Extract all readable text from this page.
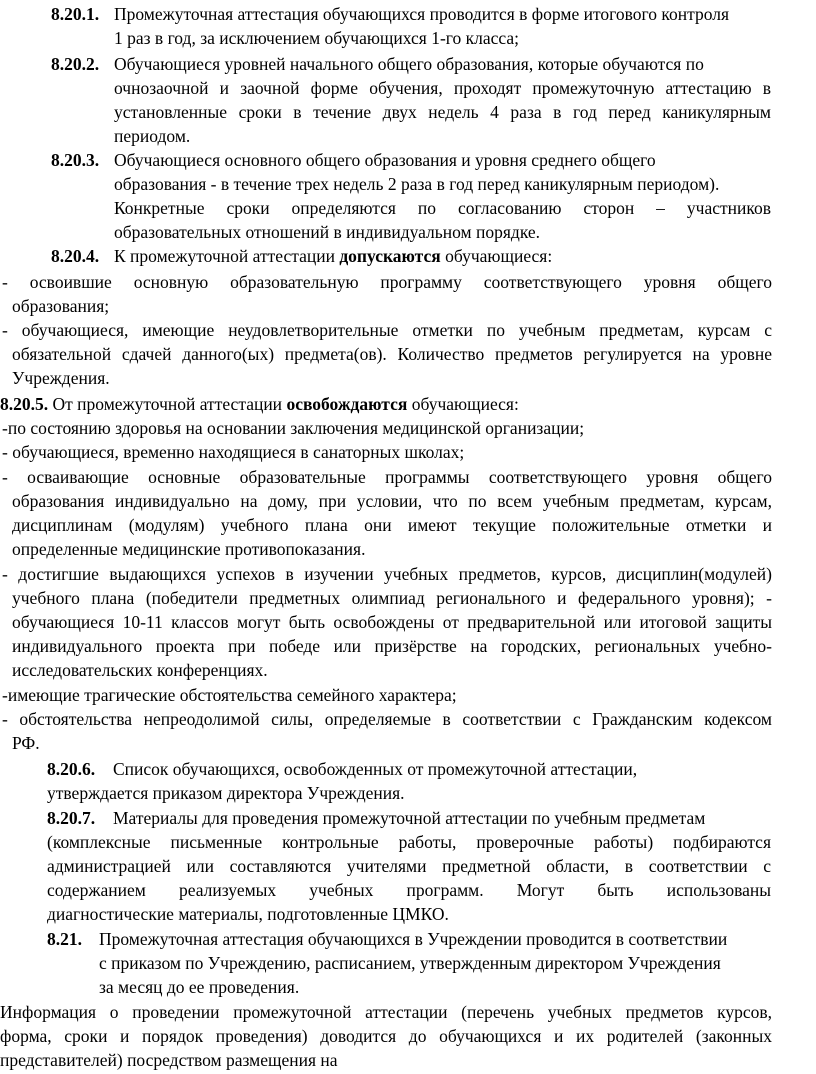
8.20.1. Промежуточная аттестация обучающихся проводится в форме итогового контроля
1 раз в год, за исключением обучающихся 1-го класса;
8.20.2. Обучающиеся уровней начального общего образования, которые обучаются по
очнозаочной и заочной форме обучения, проходят промежуточную аттестацию в
установленные сроки в течение двух недель 4 раза в год перед каникулярным
периодом.
8.20.3. Обучающиеся основного общего образования и уровня среднего общего
образования - в течение трех недель 2 раза в год перед каникулярным периодом).
Конкретные сроки определяются по согласованию сторон – участников
образовательных отношений в индивидуальном порядке.
8.20.4. К промежуточной аттестации допускаются обучающиеся:
- освоившие основную образовательную программу соответствующего уровня общего
образования;
- обучающиеся, имеющие неудовлетворительные отметки по учебным предметам, курсам с
обязательной сдачей данного(ых) предмета(ов). Количество предметов регулируется на уровне
Учреждения.
8.20.5. От промежуточной аттестации освобождаются обучающиеся:
-по состоянию здоровья на основании заключения медицинской организации;
- обучающиеся, временно находящиеся в санаторных школах;
- осваивающие основные образовательные программы соответствующего уровня общего
образования индивидуально на дому, при условии, что по всем учебным предметам, курсам,
дисциплинам (модулям) учебного плана они имеют текущие положительные отметки и
определенные медицинские противопоказания.
- достигшие выдающихся успехов в изучении учебных предметов, курсов, дисциплин(модулей)
учебного плана (победители предметных олимпиад регионального и федерального уровня); -
обучающиеся 10-11 классов могут быть освобождены от предварительной или итоговой защиты
индивидуального проекта при победе или призёрстве на городских, региональных учебно-
исследовательских конференциях.
-имеющие трагические обстоятельства семейного характера;
- обстоятельства непреодолимой силы, определяемые в соответствии с Гражданским кодексом
РФ.
8.20.6. Список обучающихся, освобожденных от промежуточной аттестации,
утверждается приказом директора Учреждения.
8.20.7. Материалы для проведения промежуточной аттестации по учебным предметам
(комплексные письменные контрольные работы, проверочные работы) подбираются
администрацией или составляются учителями предметной области, в соответствии с
содержанием реализуемых учебных программ. Могут быть использованы
диагностические материалы, подготовленные ЦМКО.
8.21. Промежуточная аттестация обучающихся в Учреждении проводится в соответствии
с приказом по Учреждению, расписанием, утвержденным директором Учреждения
за месяц до ее проведения.
Информация о проведении промежуточной аттестации (перечень учебных предметов курсов,
форма, сроки и порядок проведения) доводится до обучающихся и их родителей (законных
представителей) посредством размещения на
